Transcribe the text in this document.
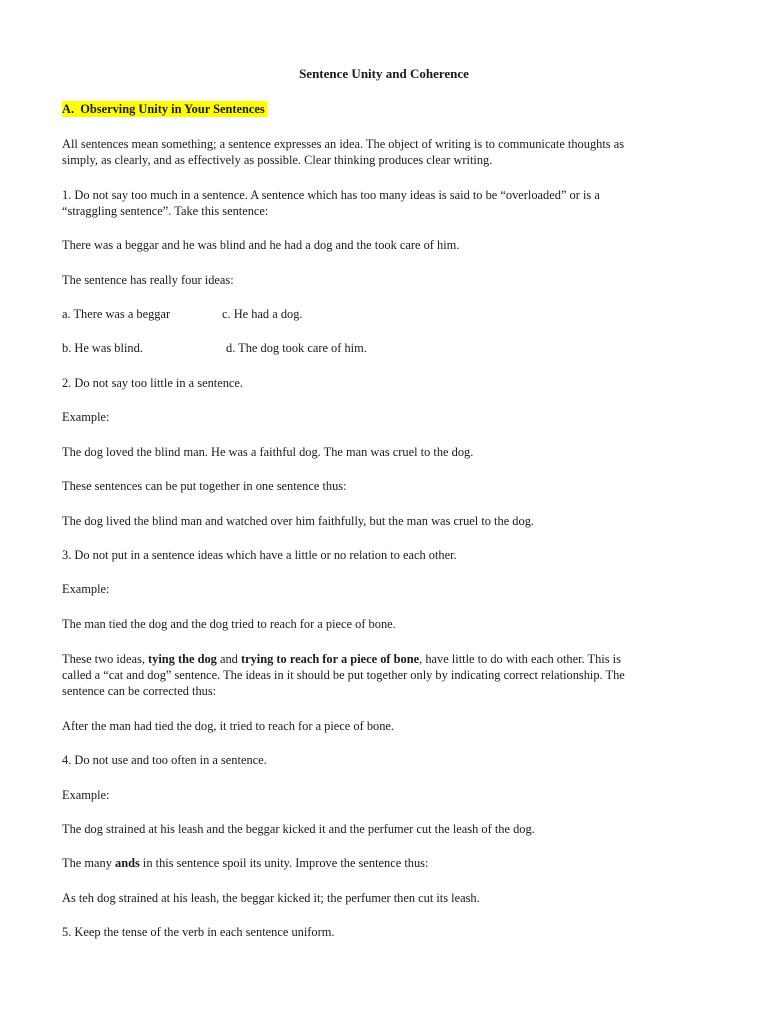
Sentence Unity and Coherence
A. Observing Unity in Your Sentences
All sentences mean something; a sentence expresses an idea. The object of writing is to communicate thoughts as
simply, as clearly, and as effectively as possible. Clear thinking produces clear writing.
1. Do not say too much in a sentence. A sentence which has too many ideas is said to be “overloaded” or is a
“straggling sentence”. Take this sentence:
There was a beggar and he was blind and he had a dog and the took care of him.
The sentence has really four ideas:
a. There was a beggar	c. He had a dog.
b. He was blind.	d. The dog took care of him.
2. Do not say too little in a sentence.
Example:
The dog loved the blind man. He was a faithful dog. The man was cruel to the dog.
These sentences can be put together in one sentence thus:
The dog lived the blind man and watched over him faithfully, but the man was cruel to the dog.
3. Do not put in a sentence ideas which have a little or no relation to each other.
Example:
The man tied the dog and the dog tried to reach for a piece of bone.
These two ideas, tying the dog and trying to reach for a piece of bone, have little to do with each other. This is
called a “cat and dog” sentence. The ideas in it should be put together only by indicating correct relationship. The
sentence can be corrected thus:
After the man had tied the dog, it tried to reach for a piece of bone.
4. Do not use and too often in a sentence.
Example:
The dog strained at his leash and the beggar kicked it and the perfumer cut the leash of the dog.
The many ands in this sentence spoil its unity. Improve the sentence thus:
As teh dog strained at his leash, the beggar kicked it; the perfumer then cut its leash.
5. Keep the tense of the verb in each sentence uniform.
